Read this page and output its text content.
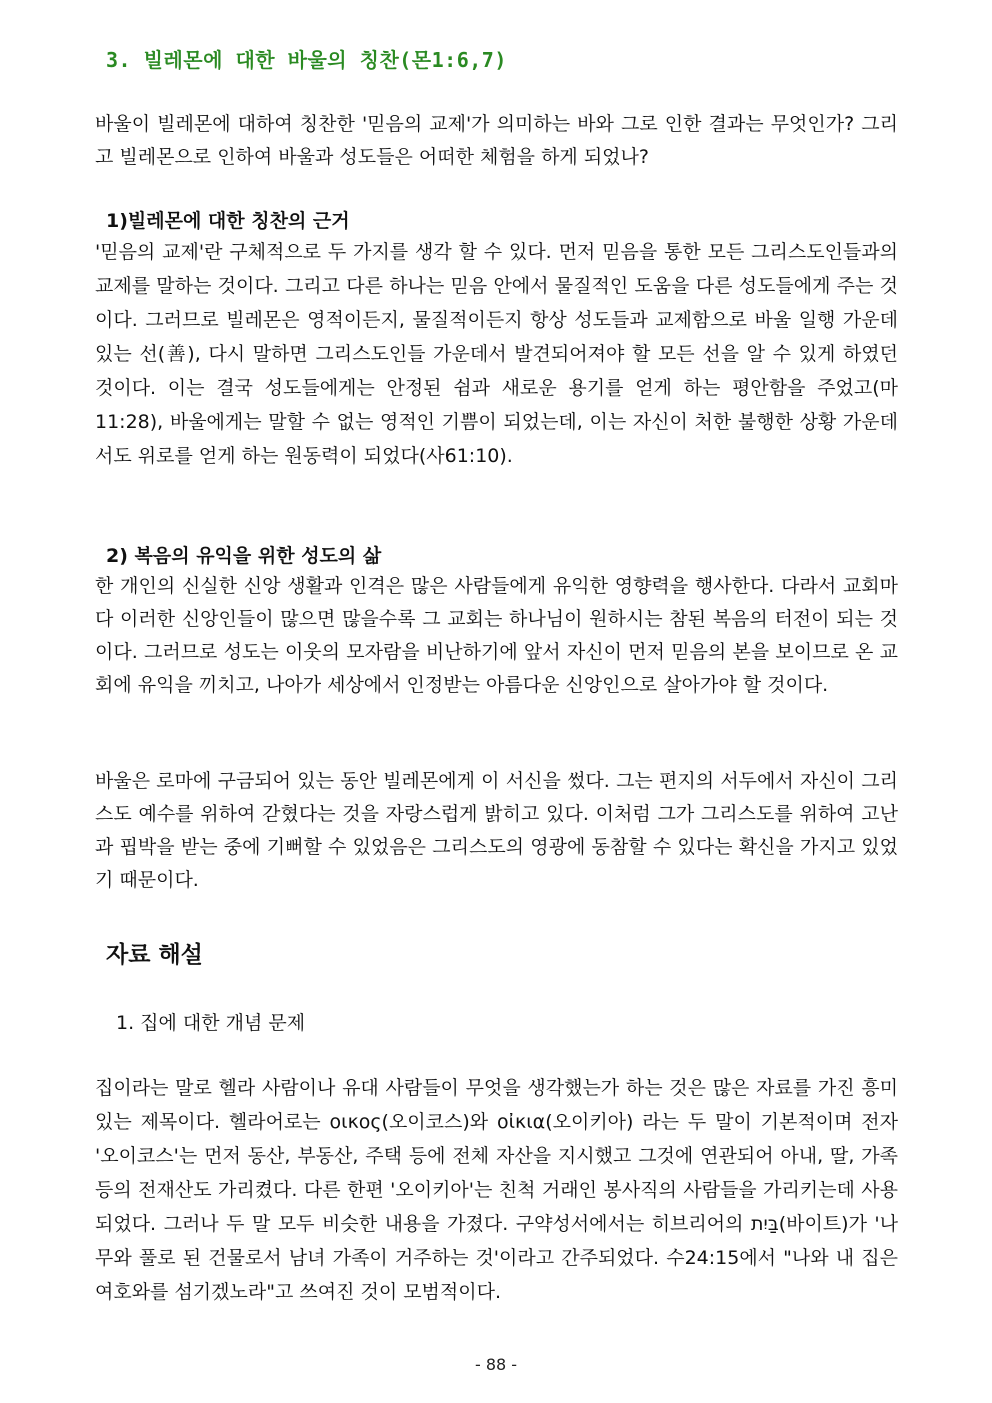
3. 빌레몬에 대한 바울의 칭찬(몬1:6,7)
바울이 빌레몬에 대하여 칭찬한 '믿음의 교제'가 의미하는 바와 그로 인한 결과는 무엇인가? 그리고 빌레몬으로 인하여 바울과 성도들은 어떠한 체험을 하게 되었나?
1)빌레몬에 대한 칭찬의 근거
'믿음의 교제'란 구체적으로 두 가지를 생각 할 수 있다. 먼저 믿음을 통한 모든 그리스도인들과의 교제를 말하는 것이다. 그리고 다른 하나는 믿음 안에서 물질적인 도움을 다른 성도들에게 주는 것이다. 그러므로 빌레몬은 영적이든지, 물질적이든지 항상 성도들과 교제함으로 바울 일행 가운데 있는 선(善), 다시 말하면 그리스도인들 가운데서 발견되어져야 할 모든 선을 알 수 있게 하였던 것이다. 이는 결국 성도들에게는 안정된 쉼과 새로운 용기를 얻게 하는 평안함을 주었고(마11:28), 바울에게는 말할 수 없는 영적인 기쁨이 되었는데, 이는 자신이 처한 불행한 상황 가운데서도 위로를 얻게 하는 원동력이 되었다(사61:10).
2) 복음의 유익을 위한 성도의 삶
한 개인의 신실한 신앙 생활과 인격은 많은 사람들에게 유익한 영향력을 행사한다. 다라서 교회마다 이러한 신앙인들이 많으면 많을수록 그 교회는 하나님이 원하시는 참된 복음의 터전이 되는 것이다. 그러므로 성도는 이웃의 모자람을 비난하기에 앞서 자신이 먼저 믿음의 본을 보이므로 온 교회에 유익을 끼치고, 나아가 세상에서 인정받는 아름다운 신앙인으로 살아가야 할 것이다.
바울은 로마에 구금되어 있는 동안 빌레몬에게 이 서신을 썼다. 그는 편지의 서두에서 자신이 그리스도 예수를 위하여 갇혔다는 것을 자랑스럽게 밝히고 있다. 이처럼 그가 그리스도를 위하여 고난과 핍박을 받는 중에 기뻐할 수 있었음은 그리스도의 영광에 동참할 수 있다는 확신을 가지고 있었기 때문이다.
자료 해설
1. 집에 대한 개념 문제
집이라는 말로 헬라 사람이나 유대 사람들이 무엇을 생각했는가 하는 것은 많은 자료를 가진 흥미있는 제목이다. 헬라어로는 οικος(오이코스)와 οἰκια(오이키아) 라는 두 말이 기본적이며 전자 '오이코스'는 먼저 동산, 부동산, 주택 등에 전체 자산을 지시했고 그것에 연관되어 아내, 딸, 가족 등의 전재산도 가리켰다. 다른 한편 '오이키아'는 친척 거래인 봉사직의 사람들을 가리키는데 사용되었다. 그러나 두 말 모두 비슷한 내용을 가졌다. 구약성서에서는 히브리어의 בַּיִת(바이트)가 '나무와 풀로 된 건물로서 남녀 가족이 거주하는 것'이라고 간주되었다. 수24:15에서 "나와 내 집은 여호와를 섬기겠노라"고 쓰여진 것이 모범적이다.
- 88 -
